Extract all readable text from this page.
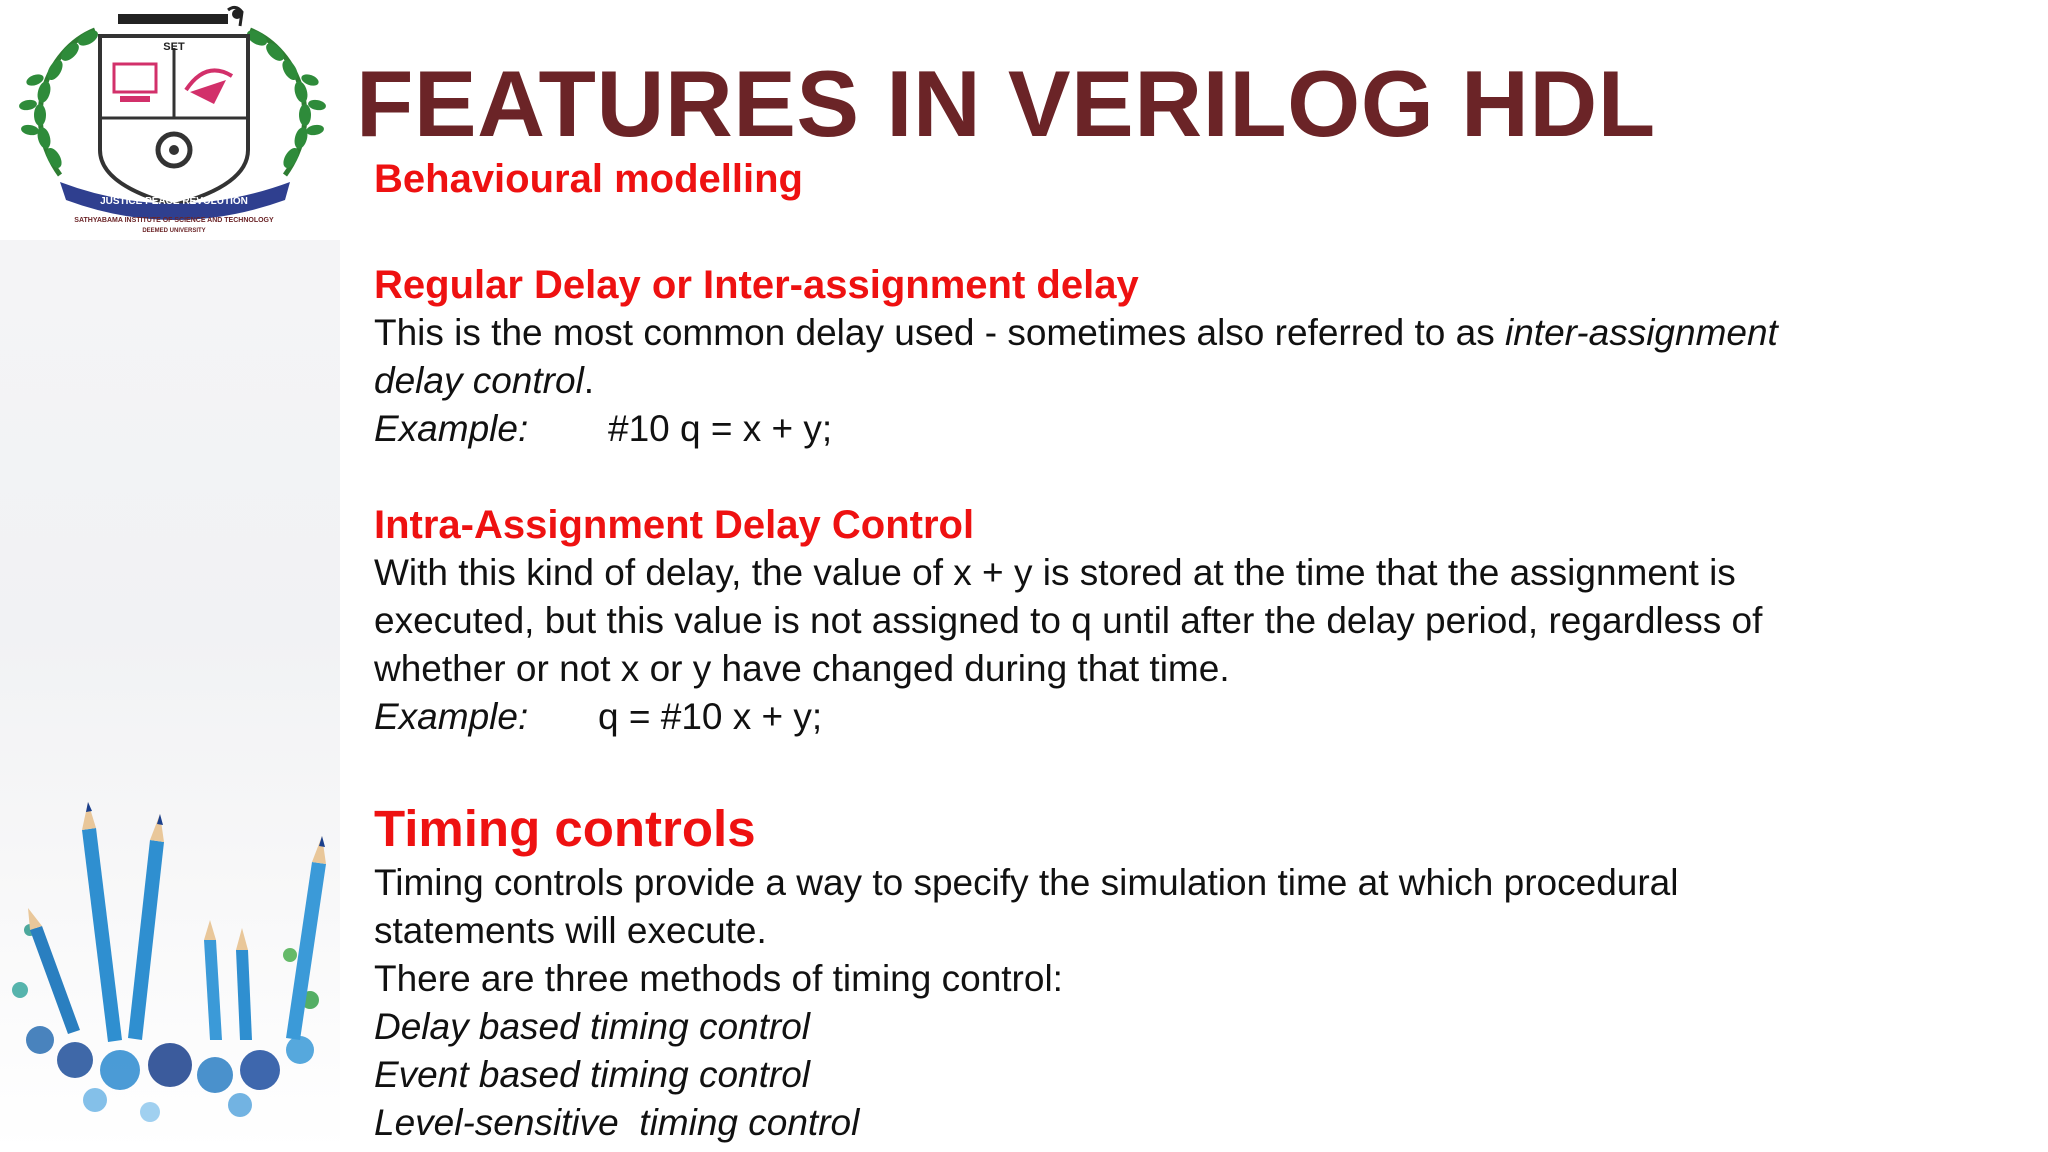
SET
JUSTICE PEACE REVOLUTION
SATHYABAMA INSTITUTE OF SCIENCE AND TECHNOLOGY
DEEMED UNIVERSITY
FEATURES IN VERILOG HDL

Behavioural modelling

Regular Delay or Inter-assignment delay

This is the most common delay used - sometimes also referred to as inter-assignment

delay control.

Example:	#10 q = x + y;

Intra-Assignment Delay Control

With this kind of delay, the value of x + y is stored at the time that the assignment is

executed, but this value is not assigned to q until after the delay period, regardless of

whether or not x or y have changed during that time.

Example:	q = #10 x + y;

Timing controls

Timing controls provide a way to specify the simulation time at which procedural

statements will execute.

There are three methods of timing control:

Delay based timing control

Event based timing control

Level-sensitive  timing control
